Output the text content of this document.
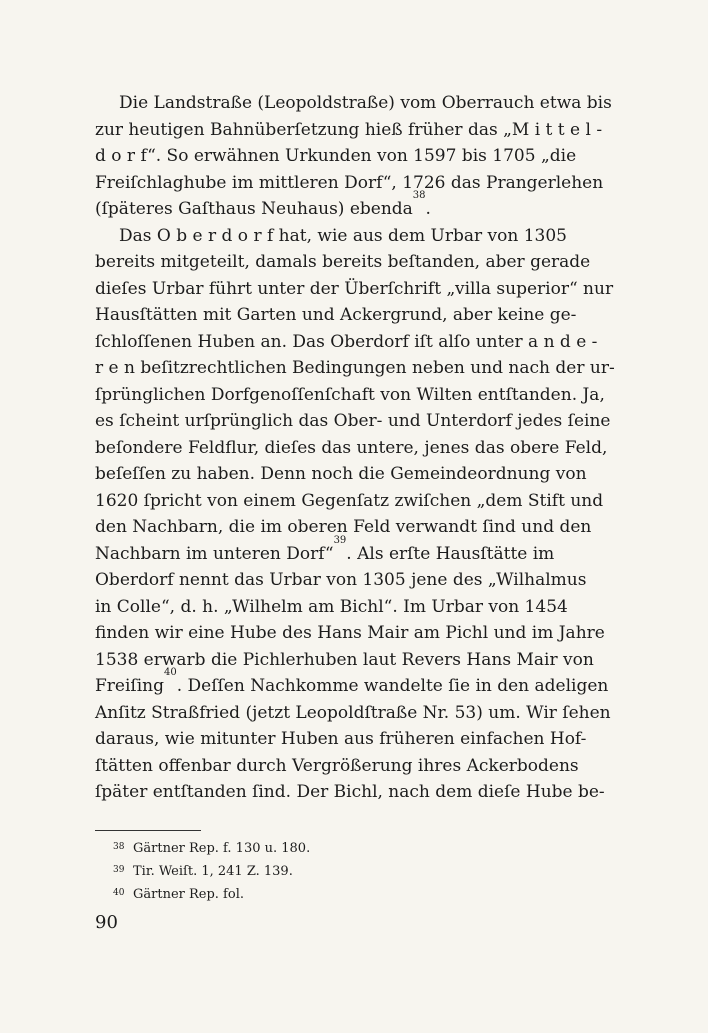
Die Landstraße (Leopoldstraße) vom Oberrauch etwa bis
zur heutigen Bahnüberſetzung hieß früher das „M i t t e l -
d o r f“. So erwähnen Urkunden von 1597 bis 1705 „die
Freiſchlaghube im mittleren Dorf“, 1726 das Prangerlehen
(ſpäteres Gaſthaus Neuhaus) ebenda
38
.
Das O b e r d o r f hat, wie aus dem Urbar von 1305
bereits mitgeteilt, damals bereits beſtanden, aber gerade
dieſes Urbar führt unter der Überſchrift „villa superior“ nur
Hausſtätten mit Garten und Ackergrund, aber keine ge-
ſchloſſenen Huben an. Das Oberdorf iſt alſo unter a n d e -
r e n beſitzrechtlichen Bedingungen neben und nach der ur-
ſprünglichen Dorfgenoſſenſchaft von Wilten entſtanden. Ja,
es ſcheint urſprünglich das Ober- und Unterdorf jedes ſeine
beſondere Feldflur, dieſes das untere, jenes das obere Feld,
beſeſſen zu haben. Denn noch die Gemeindeordnung von
1620 ſpricht von einem Gegenſatz zwiſchen „dem Stift und
den Nachbarn, die im oberen Feld verwandt ſind und den
Nachbarn im unteren Dorf“
39
. Als erſte Hausſtätte im
Oberdorf nennt das Urbar von 1305 jene des „Wilhalmus
in Colle“, d. h. „Wilhelm am Bichl“. Im Urbar von 1454
finden wir eine Hube des Hans Mair am Pichl und im Jahre
1538 erwarb die Pichlerhuben laut Revers Hans Mair von
Freiſing
40
. Deſſen Nachkomme wandelte ſie in den adeligen
Anſitz Straßfried (jetzt Leopoldſtraße Nr. 53) um. Wir ſehen
daraus, wie mitunter Huben aus früheren einfachen Hof-
ſtätten offenbar durch Vergrößerung ihres Ackerbodens
ſpäter entſtanden ſind. Der Bichl, nach dem dieſe Hube be-
38 Gärtner Rep. f. 130 u. 180.
39 Tir. Weiſt. 1, 241 Z. 139.
40 Gärtner Rep. fol.
90
